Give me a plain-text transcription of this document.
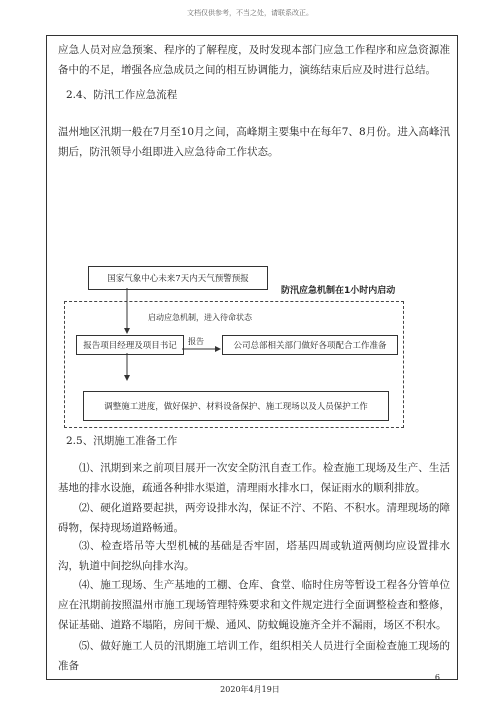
文档仅供参考，不当之处，请联系改正。
应急人员对应急预案、程序的了解程度，及时发现本部门应急工作程序和应急资源准备中的不足，增强各应急成员之间的相互协调能力，演练结束后应及时进行总结。
2.4、防汛工作应急流程
温州地区汛期一般在7月至10月之间，高峰期主要集中在每年7、8月份。进入高峰汛期后，防汛领导小组即进入应急待命工作状态。
国家气象中心未来7天内天气预警预报
防汛应急机制在1小时内启动
启动应急机制，进入待命状态
报告项目经理及项目书记	报告	公司总部相关部门做好各项配合工作准备
调整施工进度，做好保护、材料设备保护、施工现场以及人员保护工作
2.5、汛期施工准备工作
⑴、汛期到来之前项目展开一次安全防汛自查工作。检查施工现场及生产、生活基地的排水设施，疏通各种排水渠道，清理雨水排水口，保证雨水的顺利排放。
⑵、硬化道路要起拱，两旁设排水沟，保证不泞、不陷、不积水。清理现场的障碍物，保持现场道路畅通。
⑶、检查塔吊等大型机械的基础是否牢固，塔基四周或轨道两侧均应设置排水沟，轨道中间挖纵向排水沟。
⑷、施工现场、生产基地的工棚、仓库、食堂、临时住房等暂设工程各分管单位应在汛期前按照温州市施工现场管理特殊要求和文件规定进行全面调整检查和整修，保证基础、道路不塌陷，房间干燥、通风、防蚊蝇设施齐全并不漏雨，场区不积水。
⑸、做好施工人员的汛期施工培训工作，组织相关人员进行全面检查施工现场的准备
6
2020年4月19日
